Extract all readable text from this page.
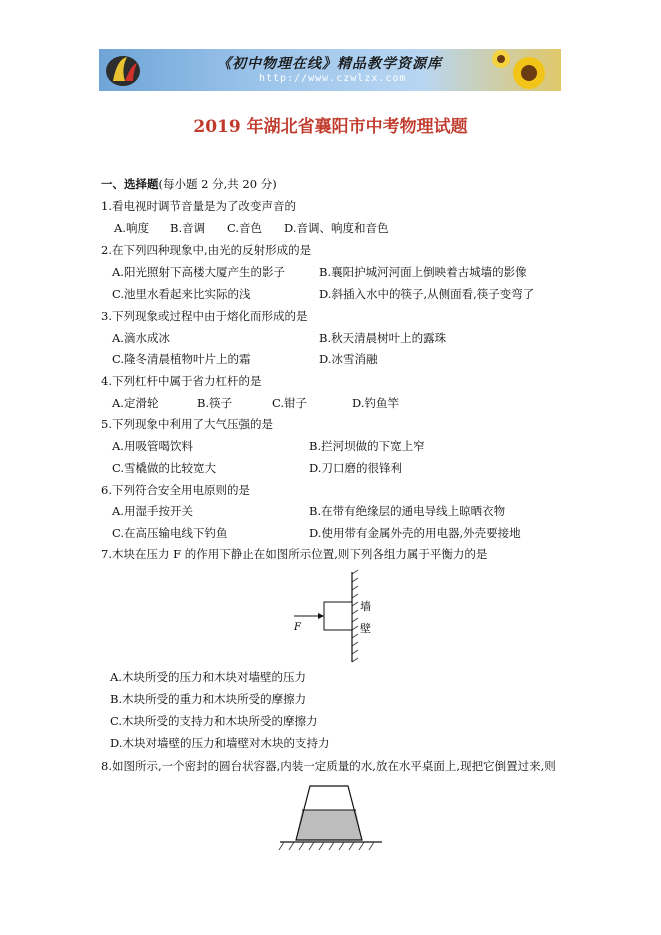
《初中物理在线》精品教学资源库
http://www.czwlzx.com
2019 年湖北省襄阳市中考物理试题
一、选择题(每小题 2 分,共 20 分)
1.看电视时调节音量是为了改变声音的
A.响度 B.音调 C.音色 D.音调、响度和音色
2.在下列四种现象中,由光的反射形成的是
A.阳光照射下高楼大厦产生的影子	B.襄阳护城河河面上倒映着古城墙的影像
C.池里水看起来比实际的浅	D.斜插入水中的筷子,从侧面看,筷子变弯了
3.下列现象或过程中由于熔化而形成的是
A.滴水成冰	B.秋天清晨树叶上的露珠
C.隆冬清晨植物叶片上的霜	D.冰雪消融
4.下列杠杆中属于省力杠杆的是
A.定滑轮	B.筷子	C.钳子	D.钓鱼竿
5.下列现象中利用了大气压强的是
A.用吸管喝饮料	B.拦河坝做的下宽上窄
C.雪橇做的比较宽大	D.刀口磨的很锋利
6.下列符合安全用电原则的是
A.用湿手按开关	B.在带有绝缘层的通电导线上晾晒衣物
C.在高压输电线下钓鱼	D.使用带有金属外壳的用电器,外壳要接地
7.木块在压力 F 的作用下静止在如图所示位置,则下列各组力属于平衡力的是
F
墙
壁
A.木块所受的压力和木块对墙壁的压力
B.木块所受的重力和木块所受的摩擦力
C.木块所受的支持力和木块所受的摩擦力
D.木块对墙壁的压力和墙壁对木块的支持力
8.如图所示,一个密封的圆台状容器,内装一定质量的水,放在水平桌面上,现把它倒置过来,则
